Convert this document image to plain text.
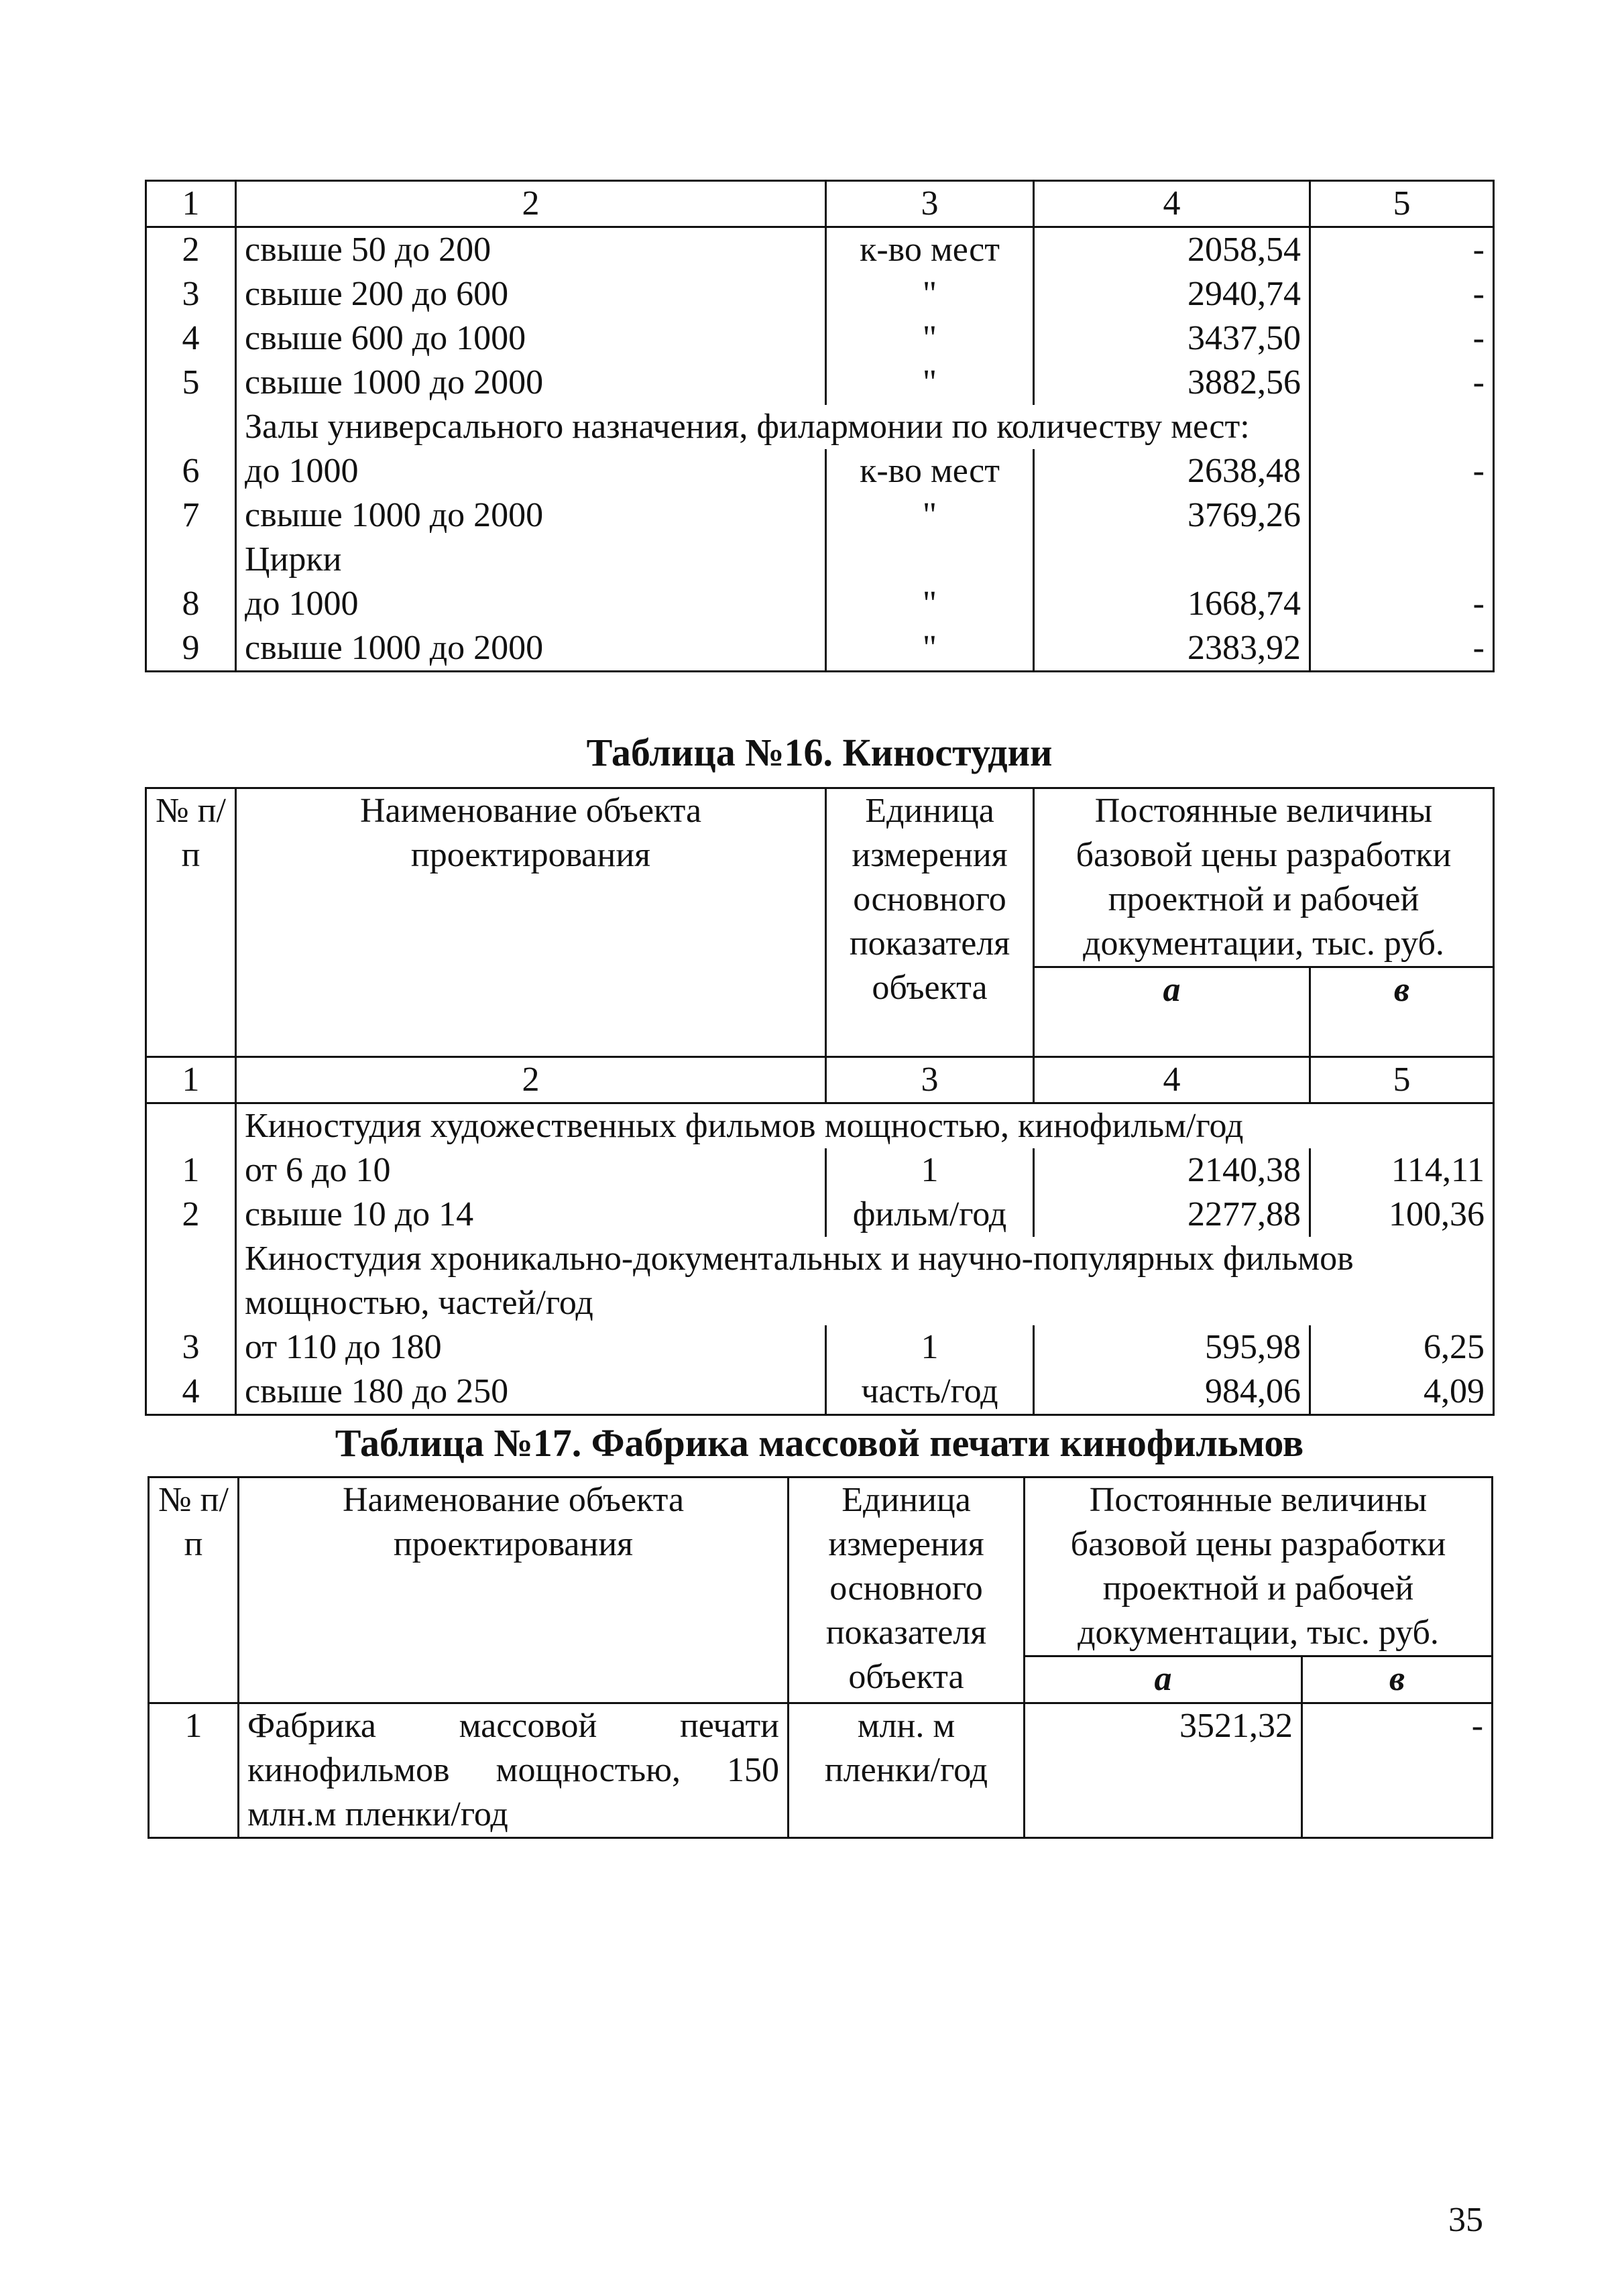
1	2	3	4	5
2	свыше 50 до 200	к-во мест	2058,54	-
3	свыше 200 до 600	"	2940,74	-
4	свыше 600 до 1000	"	3437,50	-
5	свыше 1000 до 2000	"	3882,56	-
	Залы универсального назначения, филармонии по количеству мест:			
6	до 1000	к-во мест	2638,48	-
7	свыше 1000 до 2000	"	3769,26	
	Цирки			
8	до 1000	"	1668,74	-
9	свыше 1000 до 2000	"	2383,92	-
Таблица №16. Киностудии
№ п/п	Наименование объекта проектирования	Единица измерения основного показателя объекта	Постоянные величины базовой цены разработки проектной и рабочей документации, тыс. руб.	
			а	в
1	2	3	4	5
	Киностудия художественных фильмов мощностью, кинофильм/год			
1	от 6 до 10	1	2140,38	114,11
2	свыше 10 до 14	фильм/год	2277,88	100,36
	Киностудия хроникально-документальных и научно-популярных фильмов мощностью, частей/год			
3	от 110 до 180	1	595,98	6,25
4	свыше 180 до 250	часть/год	984,06	4,09
Таблица №17. Фабрика массовой печати кинофильмов
№ п/п	Наименование объекта проектирования	Единица измерения основного показателя объекта	Постоянные величины базовой цены разработки проектной и рабочей документации, тыс. руб.	
			а	в
1	Фабрика массовой печати кинофильмов мощностью, 150 млн.м пленки/год	млн. м пленки/год	3521,32	-
35
